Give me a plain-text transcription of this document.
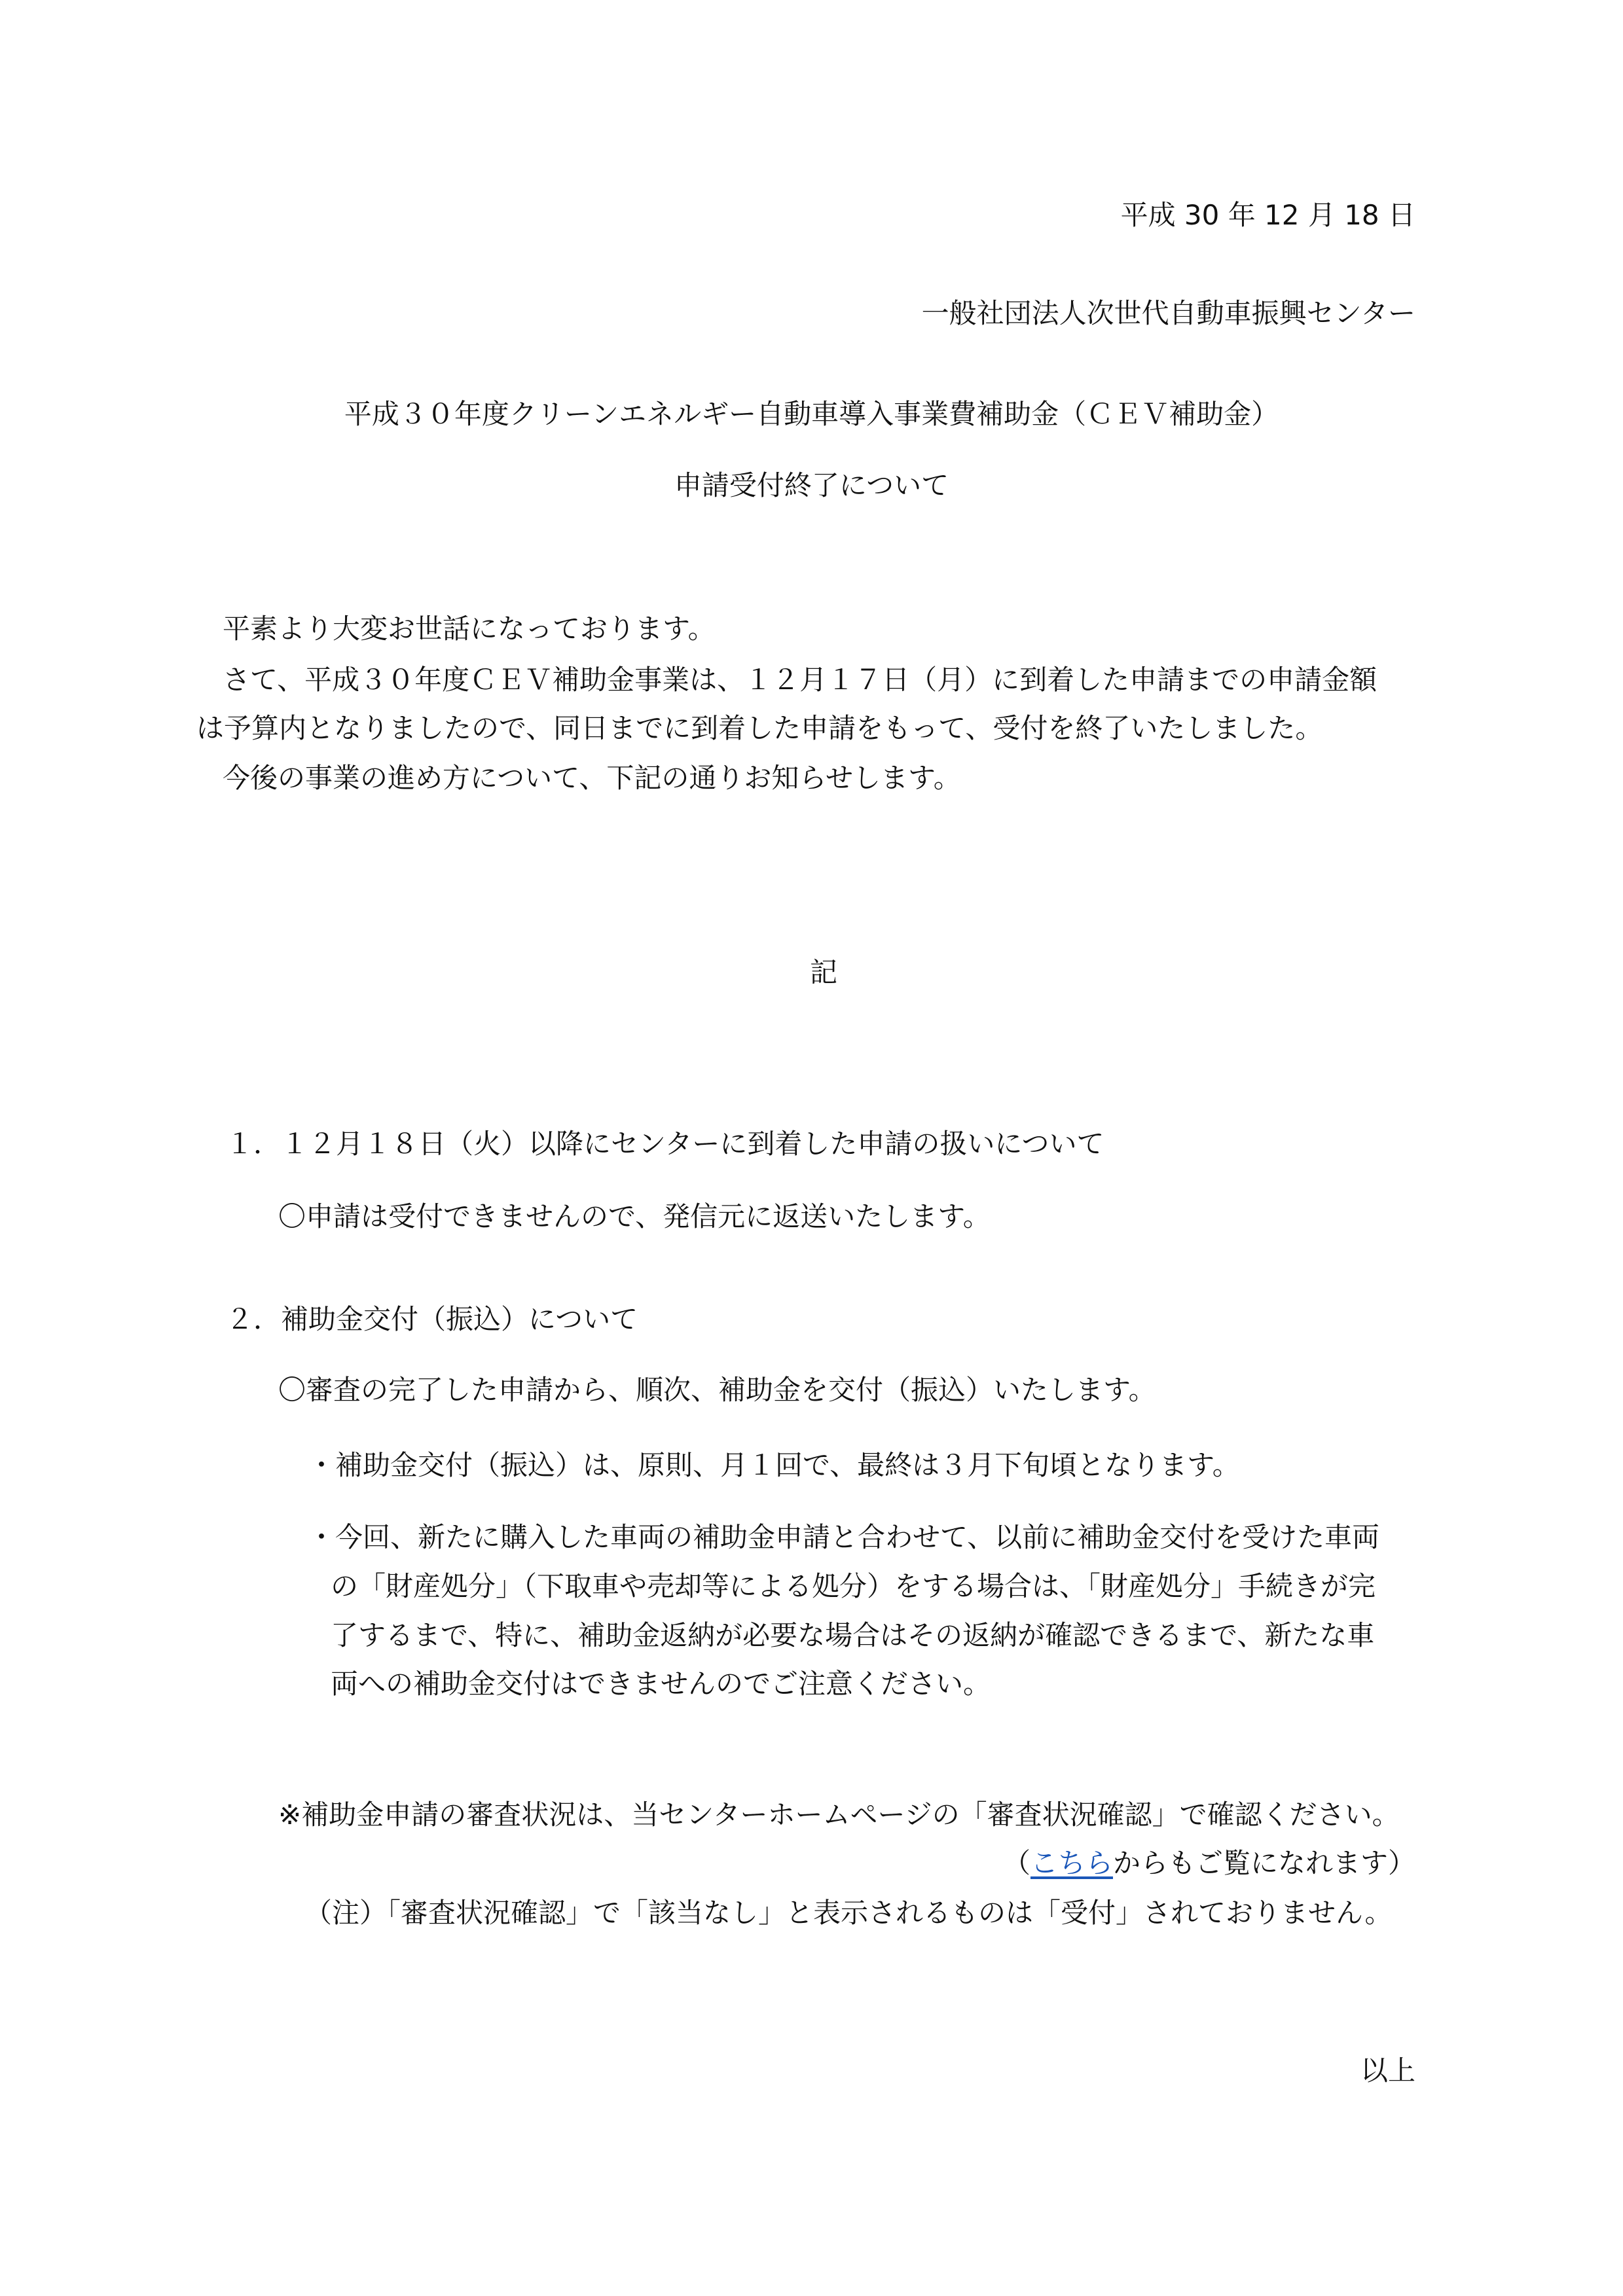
平成 30 年 12 月 18 日
一般社団法人次世代自動車振興センター
平成３０年度クリーンエネルギー自動車導入事業費補助金（ＣＥＶ補助金）
申請受付終了について
平素より大変お世話になっております。
さて、平成３０年度ＣＥＶ補助金事業は、１２月１７日（月）に到着した申請までの申請金額
は予算内となりましたので、同日までに到着した申請をもって、受付を終了いたしました。
今後の事業の進め方について、下記の通りお知らせします。
記
１．１２月１８日（火）以降にセンターに到着した申請の扱いについて
〇申請は受付できませんので、発信元に返送いたします。
２．補助金交付（振込）について
〇審査の完了した申請から、順次、補助金を交付（振込）いたします。
・補助金交付（振込）は、原則、月１回で、最終は３月下旬頃となります。
・今回、新たに購入した車両の補助金申請と合わせて、以前に補助金交付を受けた車両
の「財産処分」（下取車や売却等による処分）をする場合は、「財産処分」手続きが完
了するまで、特に、補助金返納が必要な場合はその返納が確認できるまで、新たな車
両への補助金交付はできませんのでご注意ください。
※補助金申請の審査状況は、当センターホームページの「審査状況確認」で確認ください。
（こちらからもご覧になれます）
（注）「審査状況確認」で「該当なし」と表示されるものは「受付」されておりません。
以上
